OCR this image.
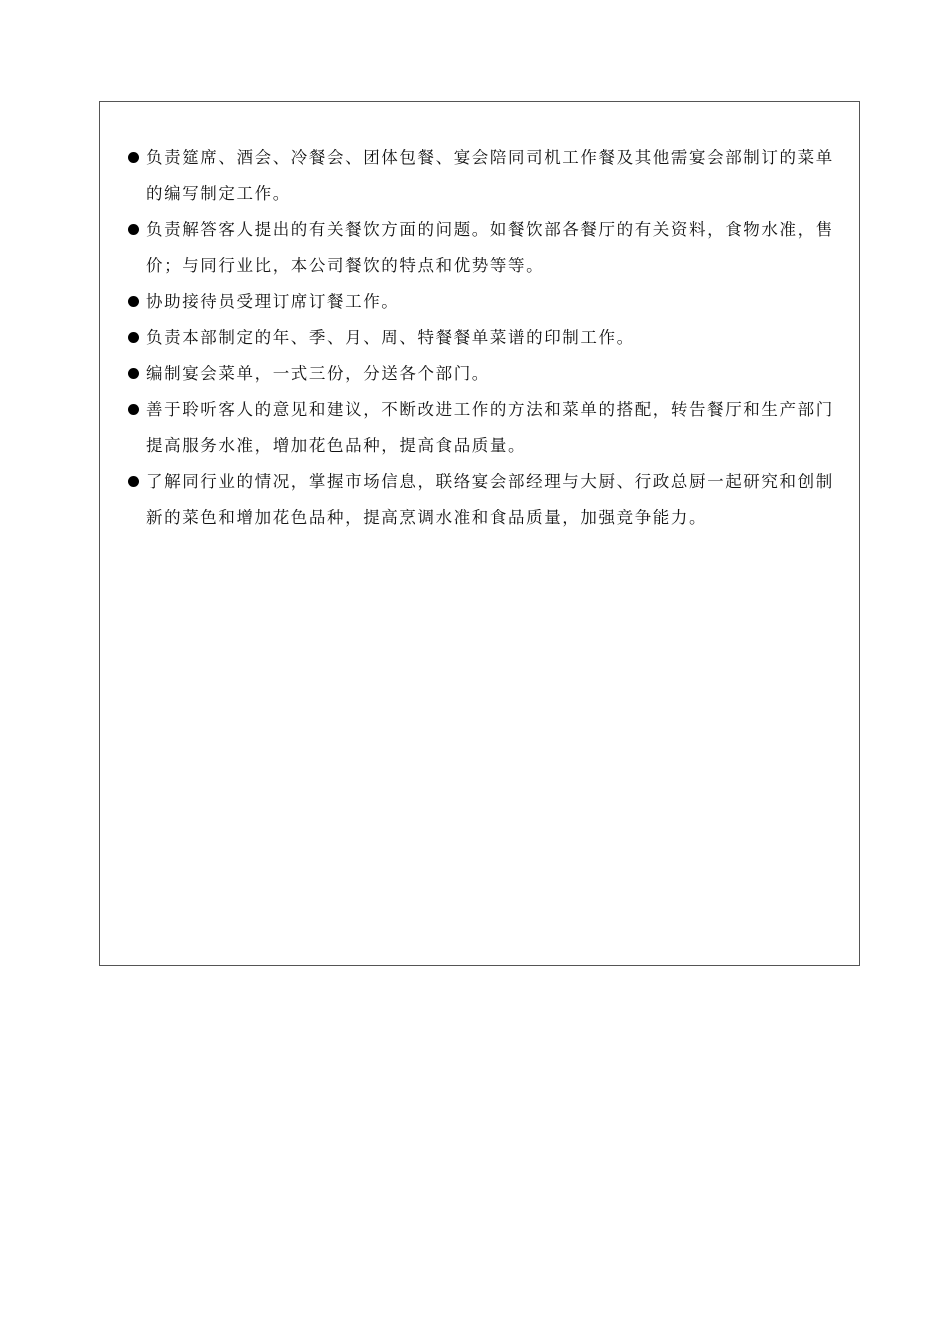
负责筵席、酒会、冷餐会、团体包餐、宴会陪同司机工作餐及其他需宴会部制订的菜单的编写制定工作。
负责解答客人提出的有关餐饮方面的问题。如餐饮部各餐厅的有关资料，食物水准，售价；与同行业比，本公司餐饮的特点和优势等等。
协助接待员受理订席订餐工作。
负责本部制定的年、季、月、周、特餐餐单菜谱的印制工作。
编制宴会菜单，一式三份，分送各个部门。
善于聆听客人的意见和建议，不断改进工作的方法和菜单的搭配，转告餐厅和生产部门提高服务水准，增加花色品种，提高食品质量。
了解同行业的情况，掌握市场信息，联络宴会部经理与大厨、行政总厨一起研究和创制新的菜色和增加花色品种，提高烹调水准和食品质量，加强竞争能力。
